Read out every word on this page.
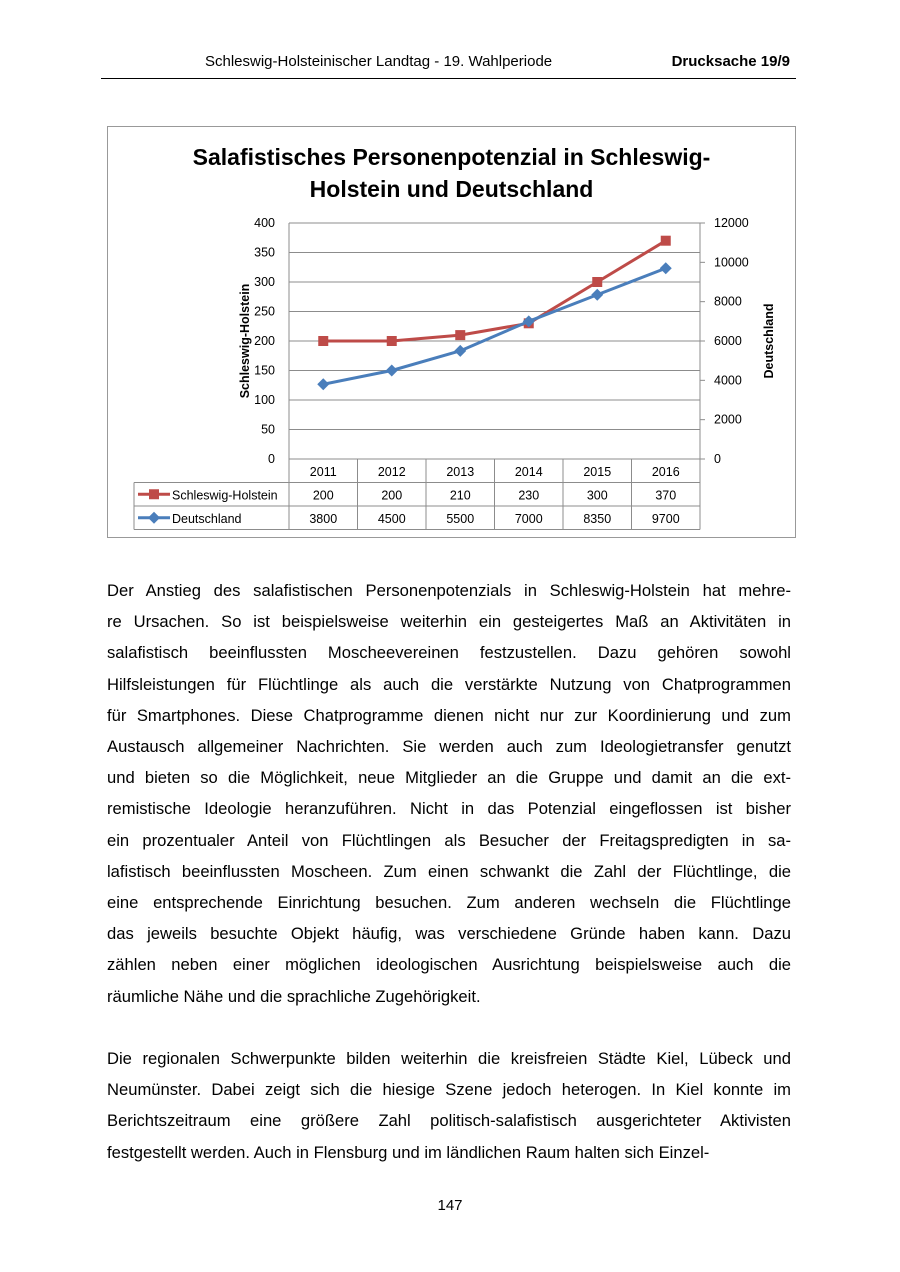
Schleswig-Holsteinischer Landtag - 19. Wahlperiode	Drucksache 19/9
Salafistisches Personenpotenzial in Schleswig-
Holstein und Deutschland
0
50
100
150
200
250
300
350
400
0
2000
4000
6000
8000
10000
12000
Schleswig-Holstein	Deutschland
2011	2012	2013	2014	2015	2016
Schleswig-Holstein	200	200	210	230	300	370
Deutschland	3800	4500	5500	7000	8350	9700
Der Anstieg des salafistischen Personenpotenzials in Schleswig-Holstein hat mehre-
re Ursachen. So ist beispielsweise weiterhin ein gesteigertes Maß an Aktivitäten in
salafistisch beeinflussten Moscheevereinen festzustellen. Dazu gehören sowohl
Hilfsleistungen für Flüchtlinge als auch die verstärkte Nutzung von Chatprogrammen
für Smartphones. Diese Chatprogramme dienen nicht nur zur Koordinierung und zum
Austausch allgemeiner Nachrichten. Sie werden auch zum Ideologietransfer genutzt
und bieten so die Möglichkeit, neue Mitglieder an die Gruppe und damit an die ext-
remistische Ideologie heranzuführen. Nicht in das Potenzial eingeflossen ist bisher
ein prozentualer Anteil von Flüchtlingen als Besucher der Freitagspredigten in sa-
lafistisch beeinflussten Moscheen. Zum einen schwankt die Zahl der Flüchtlinge, die
eine entsprechende Einrichtung besuchen. Zum anderen wechseln die Flüchtlinge
das jeweils besuchte Objekt häufig, was verschiedene Gründe haben kann. Dazu
zählen neben einer möglichen ideologischen Ausrichtung beispielsweise auch die
räumliche Nähe und die sprachliche Zugehörigkeit.
Die regionalen Schwerpunkte bilden weiterhin die kreisfreien Städte Kiel, Lübeck und
Neumünster. Dabei zeigt sich die hiesige Szene jedoch heterogen. In Kiel konnte im
Berichtszeitraum eine größere Zahl politisch-salafistisch ausgerichteter Aktivisten
festgestellt werden. Auch in Flensburg und im ländlichen Raum halten sich Einzel-
147
